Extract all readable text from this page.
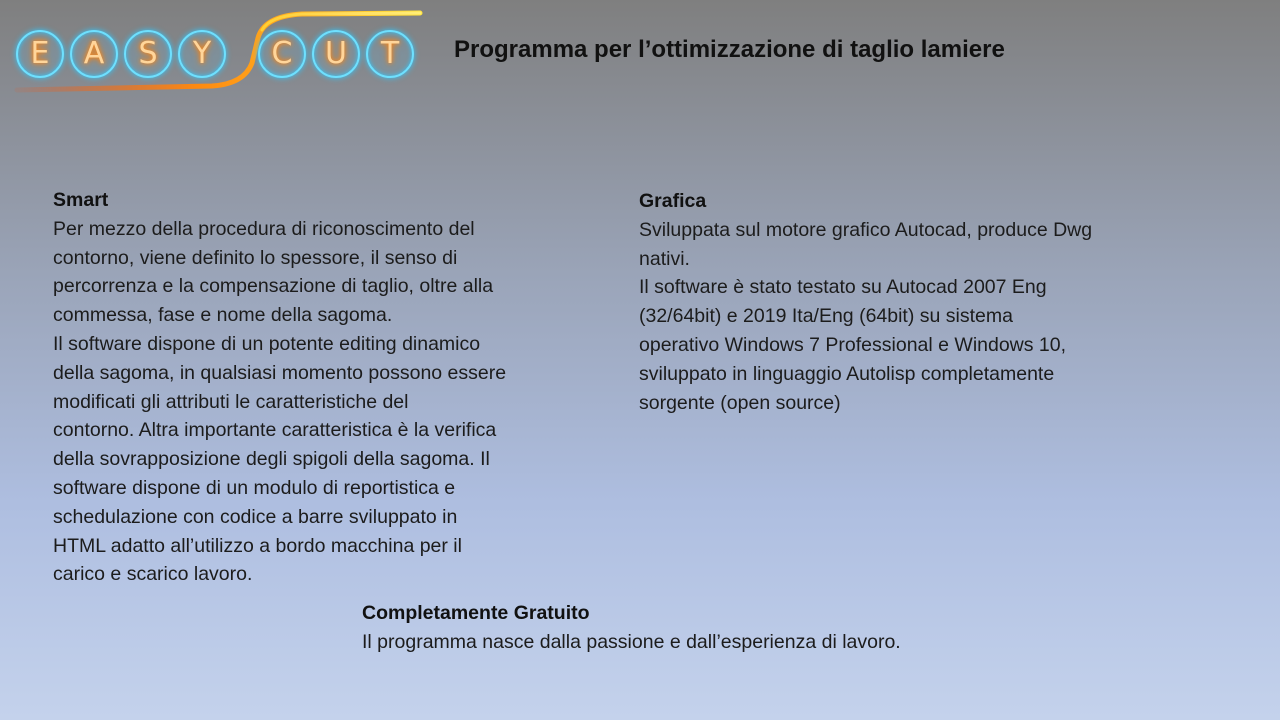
E	A	S	Y	C	U	T	Programma per l’ottimizzazione di taglio lamiere
Smart
Per mezzo della procedura di riconoscimento del
contorno, viene definito lo spessore, il senso di
percorrenza e la compensazione di taglio, oltre alla
commessa, fase e nome della sagoma.
Il software dispone di un potente editing dinamico
della sagoma, in qualsiasi momento possono essere
modificati gli attributi le caratteristiche del
contorno. Altra importante caratteristica è la verifica
della sovrapposizione degli spigoli della sagoma. Il
software dispone di un modulo di reportistica e
schedulazione con codice a barre sviluppato in
HTML adatto all’utilizzo a bordo macchina per il
carico e scarico lavoro.
Grafica
Sviluppata sul motore grafico Autocad, produce Dwg
nativi.
Il software è stato testato su Autocad 2007 Eng
(32/64bit) e 2019 Ita/Eng (64bit) su sistema
operativo Windows 7 Professional e Windows 10,
sviluppato in linguaggio Autolisp completamente
sorgente (open source)
Completamente Gratuito
Il programma nasce dalla passione e dall’esperienza di lavoro.
